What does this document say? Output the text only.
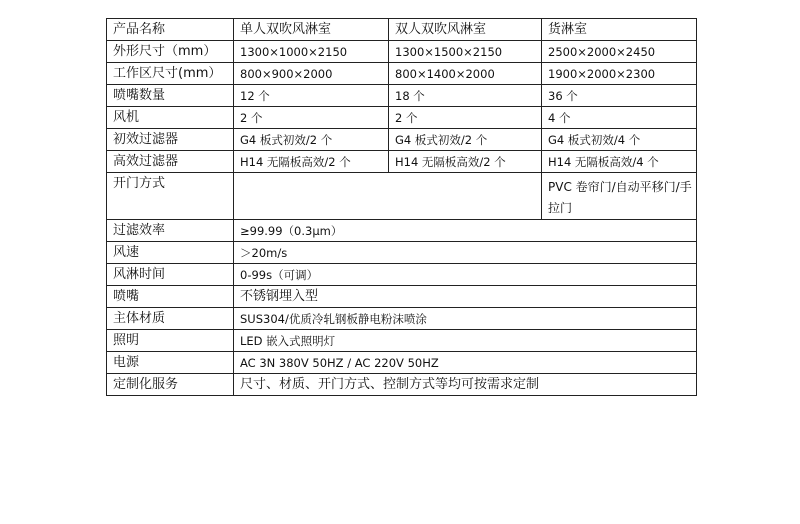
产品名称	单人双吹风淋室	双人双吹风淋室	货淋室
外形尺寸（mm）	1300×1000×2150	1300×1500×2150	2500×2000×2450
工作区尺寸(mm）	800×900×2000	800×1400×2000	1900×2000×2300
喷嘴数量	12 个	18 个	36 个
风机	2 个	2 个	4 个
初效过滤器	G4 板式初效/2 个	G4 板式初效/2 个	G4 板式初效/4 个
高效过滤器	H14 无隔板高效/2 个	H14 无隔板高效/2 个	H14 无隔板高效/4 个
开门方式			PVC 卷帘门/自动平移门/手拉门
过滤效率	≥99.99（0.3μm）		
风速	＞20m/s		
风淋时间	0-99s（可调）		
喷嘴	不锈钢埋入型		
主体材质	SUS304/优质冷轧钢板静电粉沫喷涂		
照明	LED 嵌入式照明灯		
电源	AC 3N 380V 50HZ / AC 220V 50HZ		
定制化服务	尺寸、材质、开门方式、控制方式等均可按需求定制		
